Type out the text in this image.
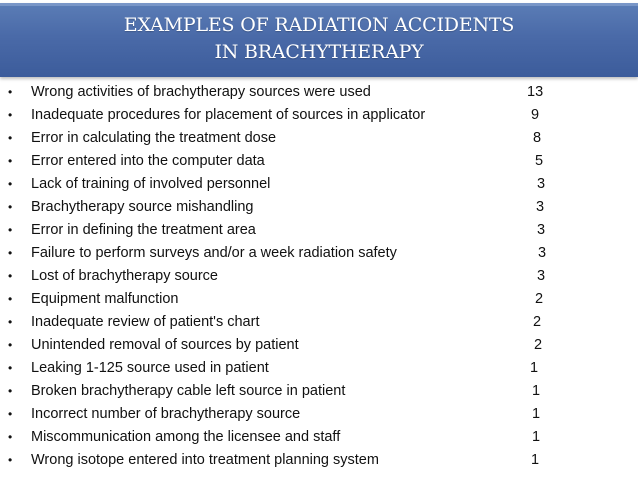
EXAMPLES OF RADIATION ACCIDENTS
IN BRACHYTHERAPY
• Wrong activities of brachytherapy sources were used	13
• Inadequate procedures for placement of sources in applicator	9
• Error in calculating the treatment dose	8
• Error entered into the computer data	5
• Lack of training of involved personnel	3
• Brachytherapy source mishandling	3
• Error in defining the treatment area	3
• Failure to perform surveys and/or a week radiation safety	3
• Lost of brachytherapy source	3
• Equipment malfunction	2
• Inadequate review of patient's chart	2
• Unintended removal of sources by patient	2
• Leaking 1-125 source used in patient	1
• Broken brachytherapy cable left source in patient	1
• Incorrect number of brachytherapy source	1
• Miscommunication among the licensee and staff	1
• Wrong isotope entered into treatment planning system	1
